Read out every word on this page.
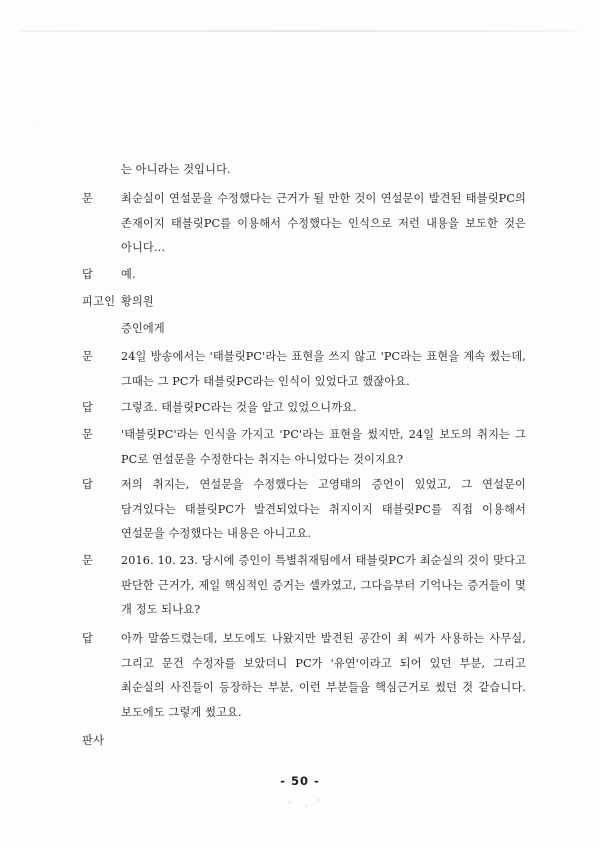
ˎ
는 아니라는 것입니다.
문 최순실이 연설문을 수정했다는 근거가 될 만한 것이 연설문이 발견된 태블릿PC의 존재이지 태블릿PC를 이용해서 수정했다는 인식으로 저런 내용을 보도한 것은 아니다…
답 예.
피고인 황의원
증인에게
문 24일 방송에서는 '태블릿PC'라는 표현을 쓰지 않고 'PC라는 표현을 계속 썼는데, 그때는 그 PC가 태블릿PC라는 인식이 있었다고 했잖아요.
답 그렇죠. 태블릿PC라는 것을 알고 있었으니까요.
문 '태블릿PC'라는 인식을 가지고 'PC'라는 표현을 썼지만, 24일 보도의 취지는 그 PC로 연설문을 수정한다는 취지는 아니었다는 것이지요?
답 저의 취지는, 연설문을 수정했다는 고영태의 증언이 있었고, 그 연설문이 담겨있다는 태블릿PC가 발견되었다는 취지이지 태블릿PC를 직접 이용해서 연설문을 수정했다는 내용은 아니고요.
문 2016. 10. 23. 당시에 증인이 특별취재팀에서 태블릿PC가 최순실의 것이 맞다고 판단한 근거가, 제일 핵심적인 증거는 셀카였고, 그다음부터 기억나는 증거들이 몇 개 정도 되나요?
답 아까 말씀드렸는데, 보도에도 나왔지만 발견된 공간이 최 씨가 사용하는 사무실, 그리고 문건 수정자를 보았더니 PC가 '유연'이라고 되어 있던 부분, 그리고 최순실의 사진들이 등장하는 부분, 이런 부분들을 핵심근거로 썼던 것 같습니다. 보도에도 그렇게 썼고요.
판사
- 50 -
